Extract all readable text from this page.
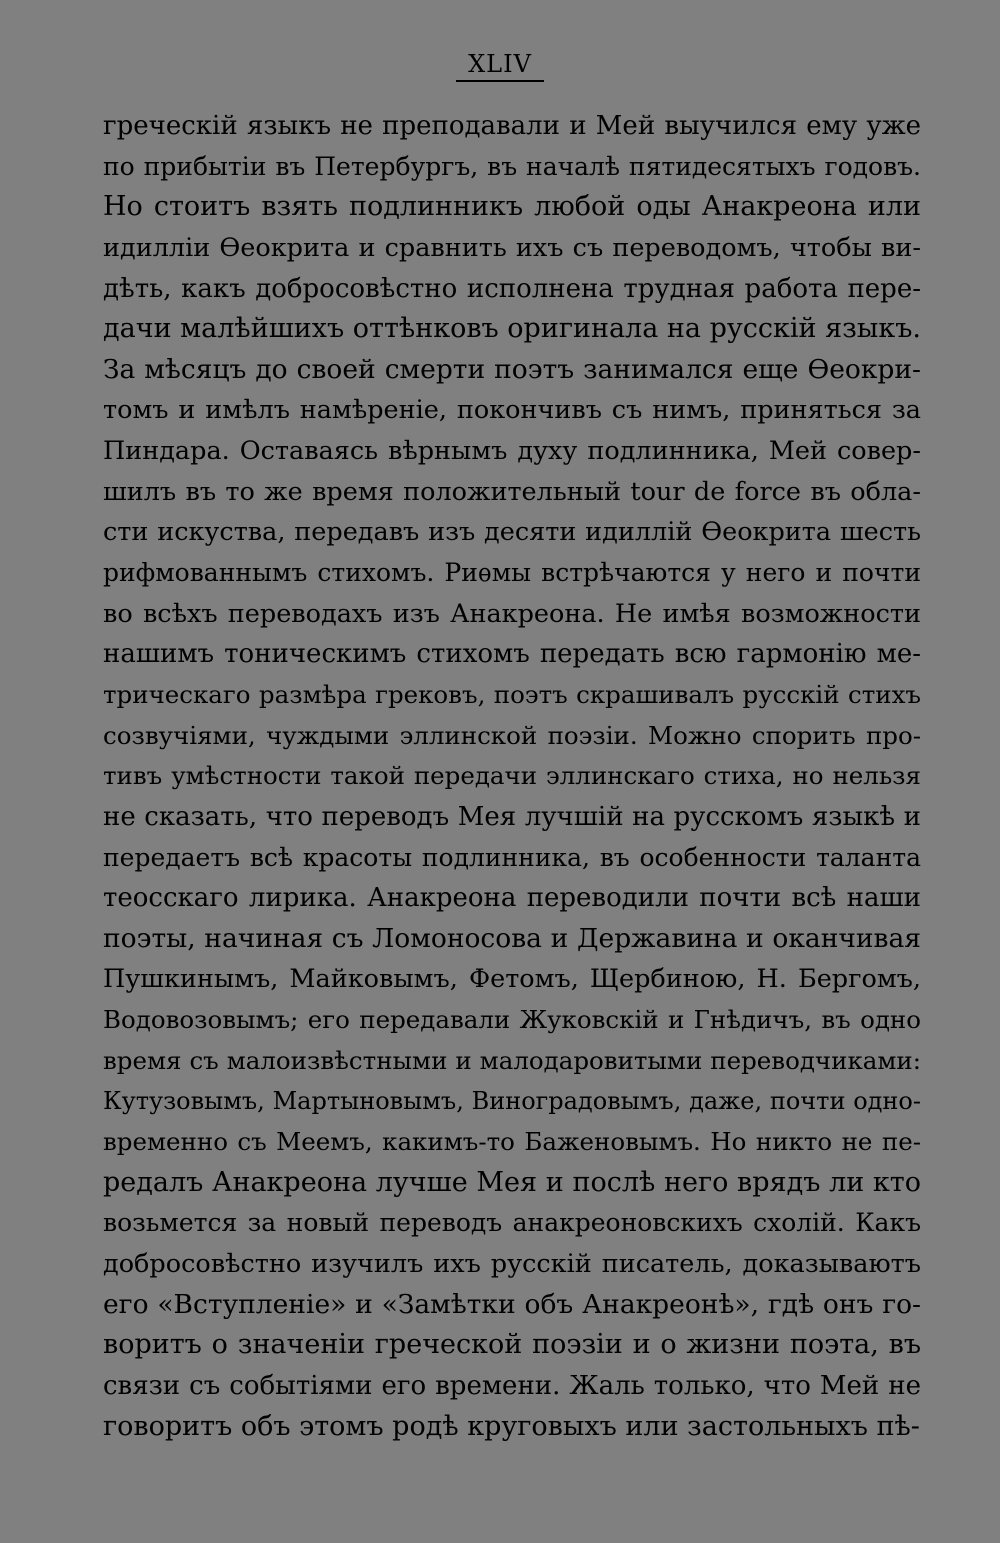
XLIV
греческій языкъ не преподавали и Мей выучился ему уже
по прибытіи въ Петербургъ, въ началѣ пятидесятыхъ годовъ.
Но стоитъ взять подлинникъ любой оды Анакреона или
идилліи Ѳеокрита и сравнить ихъ съ переводомъ, чтобы ви-
дѣть, какъ добросовѣстно исполнена трудная работа пере-
дачи малѣйшихъ оттѣнковъ оригинала на русскій языкъ.
За мѣсяцъ до своей смерти поэтъ занимался еще Ѳеокри-
томъ и имѣлъ намѣреніе, покончивъ съ нимъ, приняться за
Пиндара. Оставаясь вѣрнымъ духу подлинника, Мей совер-
шилъ въ то же время положительный tour de force въ обла-
сти искуства, передавъ изъ десяти идиллій Ѳеокрита шесть
рифмованнымъ стихомъ. Риѳмы встрѣчаются у него и почти
во всѣхъ переводахъ изъ Анакреона. Не имѣя возможности
нашимъ тоническимъ стихомъ передать всю гармонію ме-
трическаго размѣра грековъ, поэтъ скрашивалъ русскій стихъ
созвучіями, чуждыми эллинской поэзіи. Можно спорить про-
тивъ умѣстности такой передачи эллинскаго стиха, но нельзя
не сказать, что переводъ Мея лучшій на русскомъ языкѣ и
передаетъ всѣ красоты подлинника, въ особенности таланта
теосскаго лирика. Анакреона переводили почти всѣ наши
поэты, начиная съ Ломоносова и Державина и оканчивая
Пушкинымъ, Майковымъ, Фетомъ, Щербиною, Н. Бергомъ,
Водовозовымъ; его передавали Жуковскій и Гнѣдичъ, въ одно
время съ малоизвѣстными и малодаровитыми переводчиками:
Кутузовымъ, Мартыновымъ, Виноградовымъ, даже, почти одно-
временно съ Меемъ, какимъ-то Баженовымъ. Но никто не пе-
редалъ Анакреона лучше Мея и послѣ него врядъ ли кто
возьмется за новый переводъ анакреоновскихъ схолій. Какъ
добросовѣстно изучилъ ихъ русскій писатель, доказываютъ
его «Вступленіе» и «Замѣтки объ Анакреонѣ», гдѣ онъ го-
воритъ о значеніи греческой поэзіи и о жизни поэта, въ
связи съ событіями его времени. Жаль только, что Мей не
говоритъ объ этомъ родѣ круговыхъ или застольныхъ пѣ-
